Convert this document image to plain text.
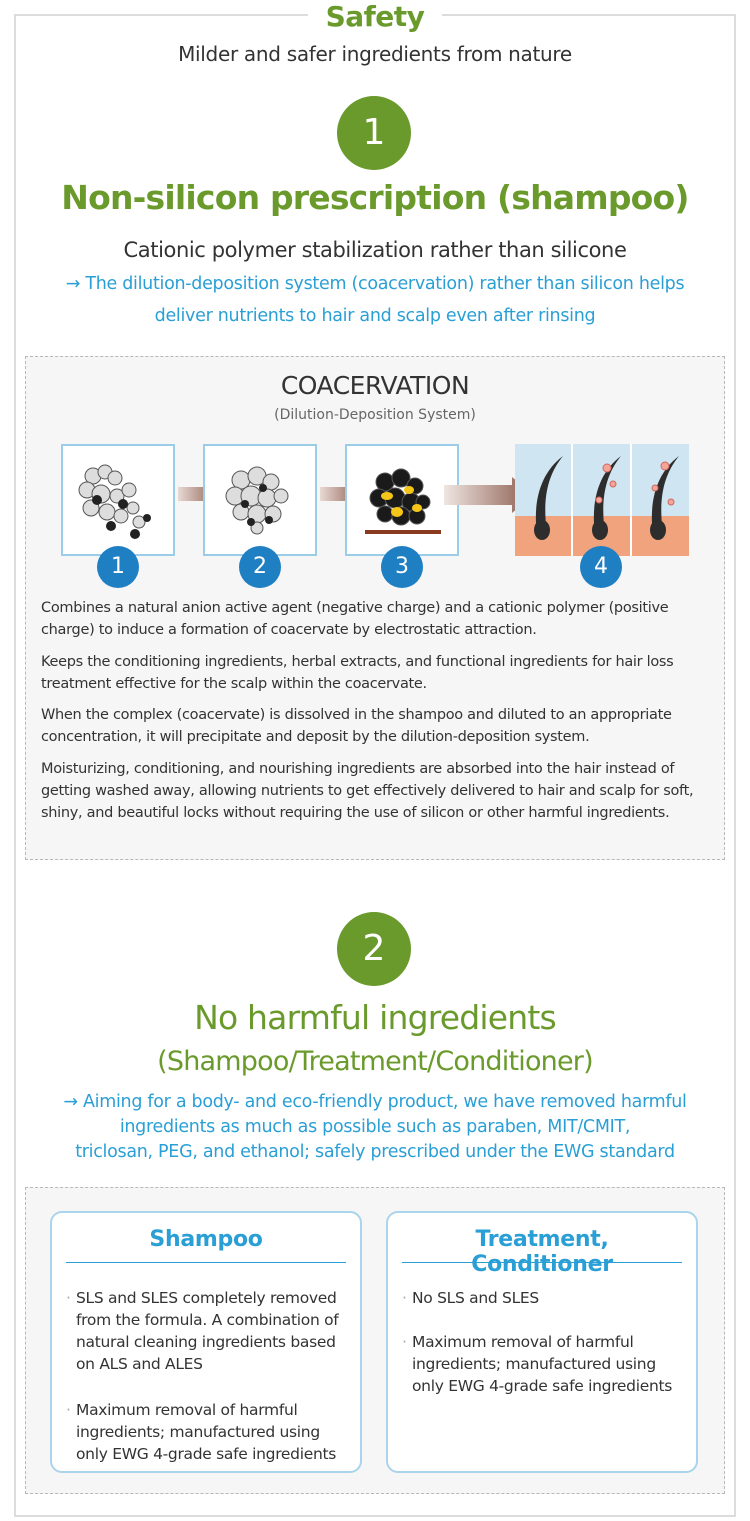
Safety
Milder and safer ingredients from nature
1
Non-silicon prescription (shampoo)
Cationic polymer stabilization rather than silicone
→ The dilution-deposition system (coacervation) rather than silicon helps
deliver nutrients to hair and scalp even after rinsing
COACERVATION
(Dilution-Deposition System)
1	2	3	4
Combines a natural anion active agent (negative charge) and a cationic polymer (positive charge) to induce a formation of coacervate by electrostatic attraction.
Keeps the conditioning ingredients, herbal extracts, and functional ingredients for hair loss treatment effective for the scalp within the coacervate.
When the complex (coacervate) is dissolved in the shampoo and diluted to an appropriate concentration, it will precipitate and deposit by the dilution-deposition system.
Moisturizing, conditioning, and nourishing ingredients are absorbed into the hair instead of getting washed away, allowing nutrients to get effectively delivered to hair and scalp for soft, shiny, and beautiful locks without requiring the use of silicon or other harmful ingredients.
2
No harmful ingredients
(Shampoo/Treatment/Conditioner)
→ Aiming for a body- and eco-friendly product, we have removed harmful
ingredients as much as possible such as paraben, MIT/CMIT,
triclosan, PEG, and ethanol; safely prescribed under the EWG standard
Shampoo
· SLS and SLES completely removed from the formula. A combination of natural cleaning ingredients based on ALS and ALES
· Maximum removal of harmful ingredients; manufactured using only EWG 4-grade safe ingredients
Treatment, Conditioner
· No SLS and SLES
· Maximum removal of harmful ingredients; manufactured using only EWG 4-grade safe ingredients
